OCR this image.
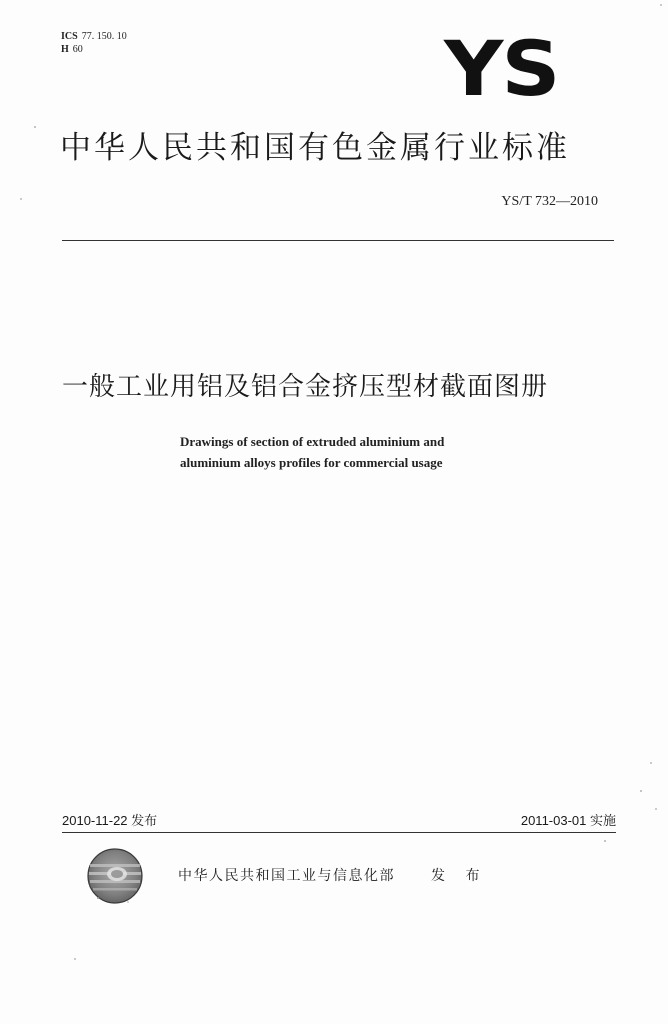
ICS 77. 150. 10
H 60	YS
中华人民共和国有色金属行业标准
YS/T 732—2010
一般工业用铝及铝合金挤压型材截面图册
Drawings of section of extruded aluminium and
aluminium alloys profiles for commercial usage
2010-11-22 发布	2011-03-01 实施
中华人民共和国工业与信息化部	发 布
